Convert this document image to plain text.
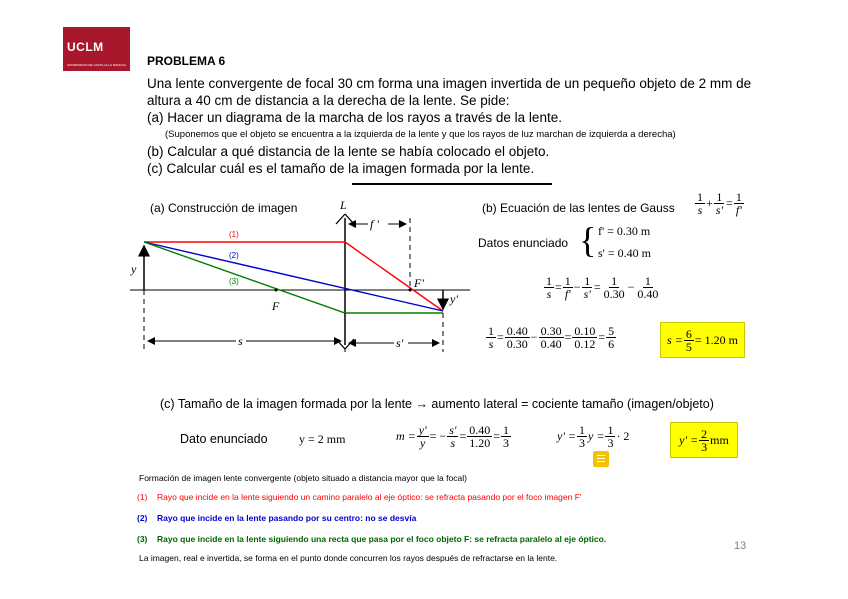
UCLM
UNIVERSIDAD DE CASTILLA-LA MANCHA PROBLEMA 6
Una lente convergente de focal 30 cm forma una imagen invertida de un pequeño objeto de 2 mm de
altura a 40 cm de distancia a la derecha de la lente. Se pide:
(a) Hacer un diagrama de la marcha de los rayos a través de la lente.
(Suponemos que el objeto se encuentra a la izquierda de la lente y que los rayos de luz marchan de izquierda a derecha)
(b) Calcular a qué distancia de la lente se había colocado el objeto.
(c) Calcular cuál es el tamaño de la imagen formada por la lente.
(a) Construcción de imagen	L
f '
F'
F
y
y'
s	s'
(1)
(2)
(3)
(b) Ecuación de las lentes de Gauss $\frac{1}{s} + \frac{1}{s'} = \frac{1}{f'}$
Datos enunciado { f' = 0.30 m
s' = 0.40 m
$\frac{1}{s} = \frac{1}{f'} - \frac{1}{s'} = \frac{1}{0.30} - \frac{1}{0.40}$
$\frac{1}{s} = \frac{0.40}{0.30} - \frac{0.30}{0.40} = \frac{0.10}{0.12} = \frac{5}{6}$	$s = \frac{6}{5} = 1.20$ m
(c) Tamaño de la imagen formada por la lente → aumento lateral = cociente tamaño (imagen/objeto)
Dato enunciado	y = 2 mm	$m = \frac{y'}{y}$ = − $\frac{s'}{s} = \frac{0.40}{1.20} = \frac{1}{3}$	$y' = \frac{1}{3}$ $y = \frac{1}{3} \cdot 2$	$y' = \frac{2}{3}$ mm
Formación de imagen lente convergente (objeto situado a distancia mayor que la focal)
(1) Rayo que incide en la lente siguiendo un camino paralelo al eje óptico: se refracta pasando por el foco imagen F'
(2) Rayo que incide en la lente pasando por su centro: no se desvía
(3) Rayo que incide en la lente siguiendo una recta que pasa por el foco objeto F: se refracta paralelo al eje óptico.
La imagen, real e invertida, se forma en el punto donde concurren los rayos después de refractarse en la lente.
13
